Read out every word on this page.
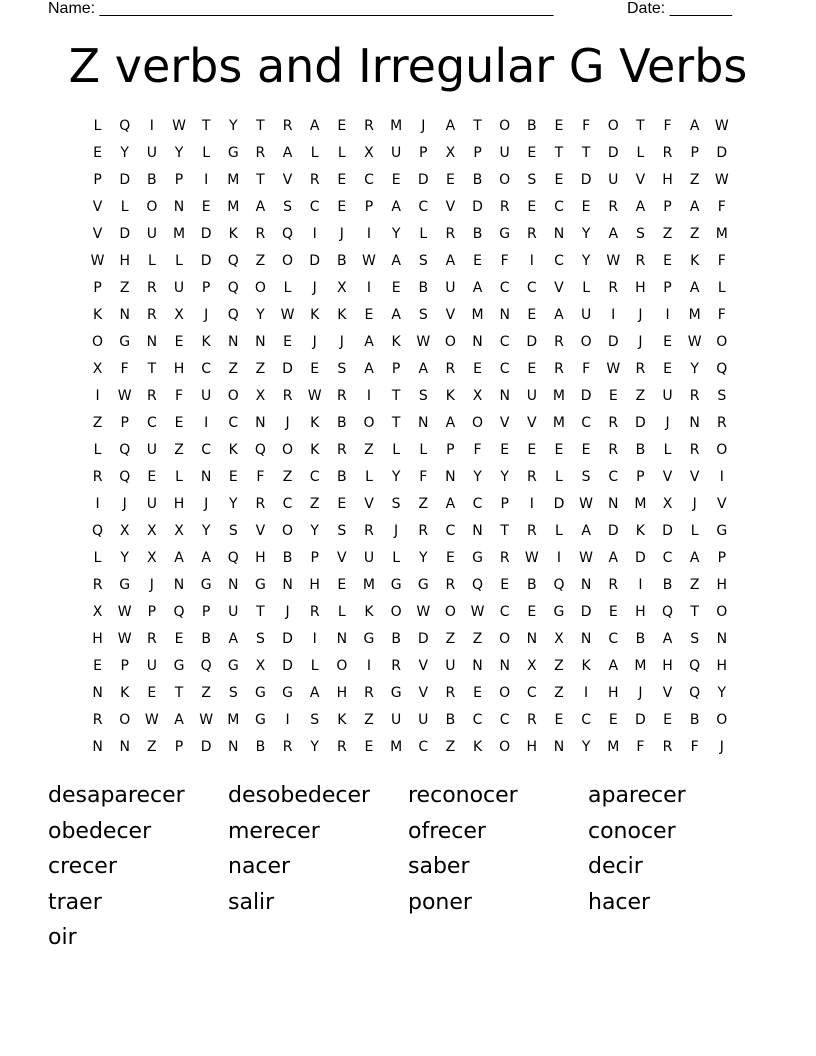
Name: ___________________________________________________	Date: _______
Z verbs and Irregular G Verbs
L Q I W T Y T R A E R M J A T O B E F O T F A W
E Y U Y L G R A L L X U P X P U E T T D L R P D
P D B P I M T V R E C E D E B O S E D U V H Z W
V L O N E M A S C E P A C V D R E C E R A P A F
V D U M D K R Q I J I Y L R B G R N Y A S Z Z M
W H L L D Q Z O D B W A S A E F I C Y W R E K F
P Z R U P Q O L J X I E B U A C C V L R H P A L
K N R X J Q Y W K K E A S V M N E A U I J I M F
O G N E K N N E J J A K W O N C D R O D J E W O
X F T H C Z Z D E S A P A R E C E R F W R E Y Q
I W R F U O X R W R I T S K X N U M D E Z U R S
Z P C E I C N J K B O T N A O V V M C R D J N R
L Q U Z C K Q O K R Z L L P F E E E E R B L R O
R Q E L N E F Z C B L Y F N Y Y R L S C P V V I
I J U H J Y R C Z E V S Z A C P I D W N M X J V
Q X X X Y S V O Y S R J R C N T R L A D K D L G
L Y X A A Q H B P V U L Y E G R W I W A D C A P
R G J N G N G N H E M G G R Q E B Q N R I B Z H
X W P Q P U T J R L K O W O W C E G D E H Q T O
H W R E B A S D I N G B D Z Z O N X N C B A S N
E P U G Q G X D L O I R V U N N X Z K A M H Q H
N K E T Z S G G A H R G V R E O C Z I H J V Q Y
R O W A W M G I S K Z U U B C C R E C E D E B O
N N Z P D N B R Y R E M C Z K O H N Y M F R F J
desaparecer desobedecer reconocer	aparecer
obedecer	merecer	ofrecer	conocer
crecer	nacer	saber	decir
traer	salir	poner	hacer
oir
